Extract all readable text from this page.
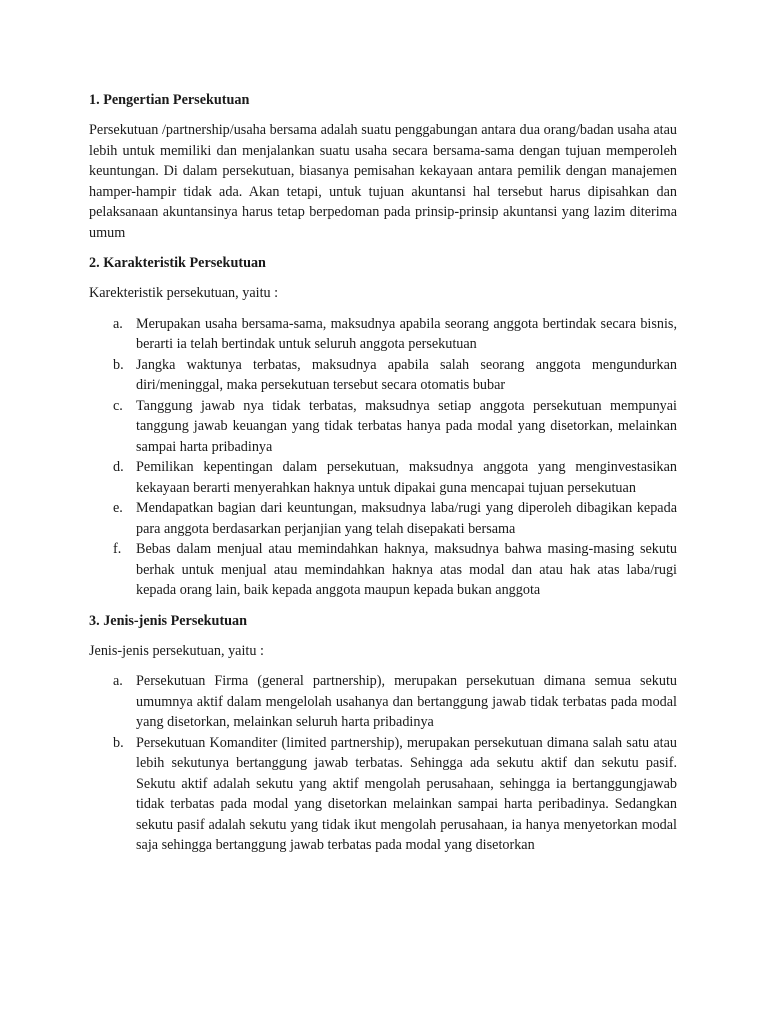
1. Pengertian Persekutuan

Persekutuan /partnership/usaha bersama adalah suatu penggabungan antara dua orang/badan usaha atau lebih untuk memiliki dan menjalankan suatu usaha secara bersama-sama dengan tujuan memperoleh keuntungan. Di dalam persekutuan, biasanya pemisahan kekayaan antara pemilik dengan manajemen hamper-hampir tidak ada. Akan tetapi, untuk tujuan akuntansi hal tersebut harus dipisahkan dan pelaksanaan akuntansinya harus tetap berpedoman pada prinsip-prinsip akuntansi yang lazim diterima umum

2. Karakteristik Persekutuan

Karekteristik persekutuan, yaitu :

a. Merupakan usaha bersama-sama, maksudnya apabila seorang anggota bertindak secara bisnis, berarti ia telah bertindak untuk seluruh anggota persekutuan
b. Jangka waktunya terbatas, maksudnya apabila salah seorang anggota mengundurkan diri/meninggal, maka persekutuan tersebut secara otomatis bubar
c. Tanggung jawab nya tidak terbatas, maksudnya setiap anggota persekutuan mempunyai tanggung jawab keuangan yang tidak terbatas hanya pada modal yang disetorkan, melainkan sampai harta pribadinya
d. Pemilikan kepentingan dalam persekutuan, maksudnya anggota yang menginvestasikan kekayaan berarti menyerahkan haknya untuk dipakai guna mencapai tujuan persekutuan
e. Mendapatkan bagian dari keuntungan, maksudnya laba/rugi yang diperoleh dibagikan kepada para anggota berdasarkan perjanjian yang telah disepakati bersama
f. Bebas dalam menjual atau memindahkan haknya, maksudnya bahwa masing-masing sekutu berhak untuk menjual atau memindahkan haknya atas modal dan atau hak atas laba/rugi kepada orang lain, baik kepada anggota maupun kepada bukan anggota
3. Jenis-jenis Persekutuan

Jenis-jenis persekutuan, yaitu :

a. Persekutuan Firma (general partnership), merupakan persekutuan dimana semua sekutu umumnya aktif dalam mengelolah usahanya dan bertanggung jawab tidak terbatas pada modal yang disetorkan, melainkan seluruh harta pribadinya
b. Persekutuan Komanditer (limited partnership), merupakan persekutuan dimana salah satu atau lebih sekutunya bertanggung jawab terbatas. Sehingga ada sekutu aktif dan sekutu pasif. Sekutu aktif adalah sekutu yang aktif mengolah perusahaan, sehingga ia bertanggungjawab tidak terbatas pada modal yang disetorkan melainkan sampai harta peribadinya. Sedangkan sekutu pasif adalah sekutu yang tidak ikut mengolah perusahaan, ia hanya menyetorkan modal saja sehingga bertanggung jawab terbatas pada modal yang disetorkan
